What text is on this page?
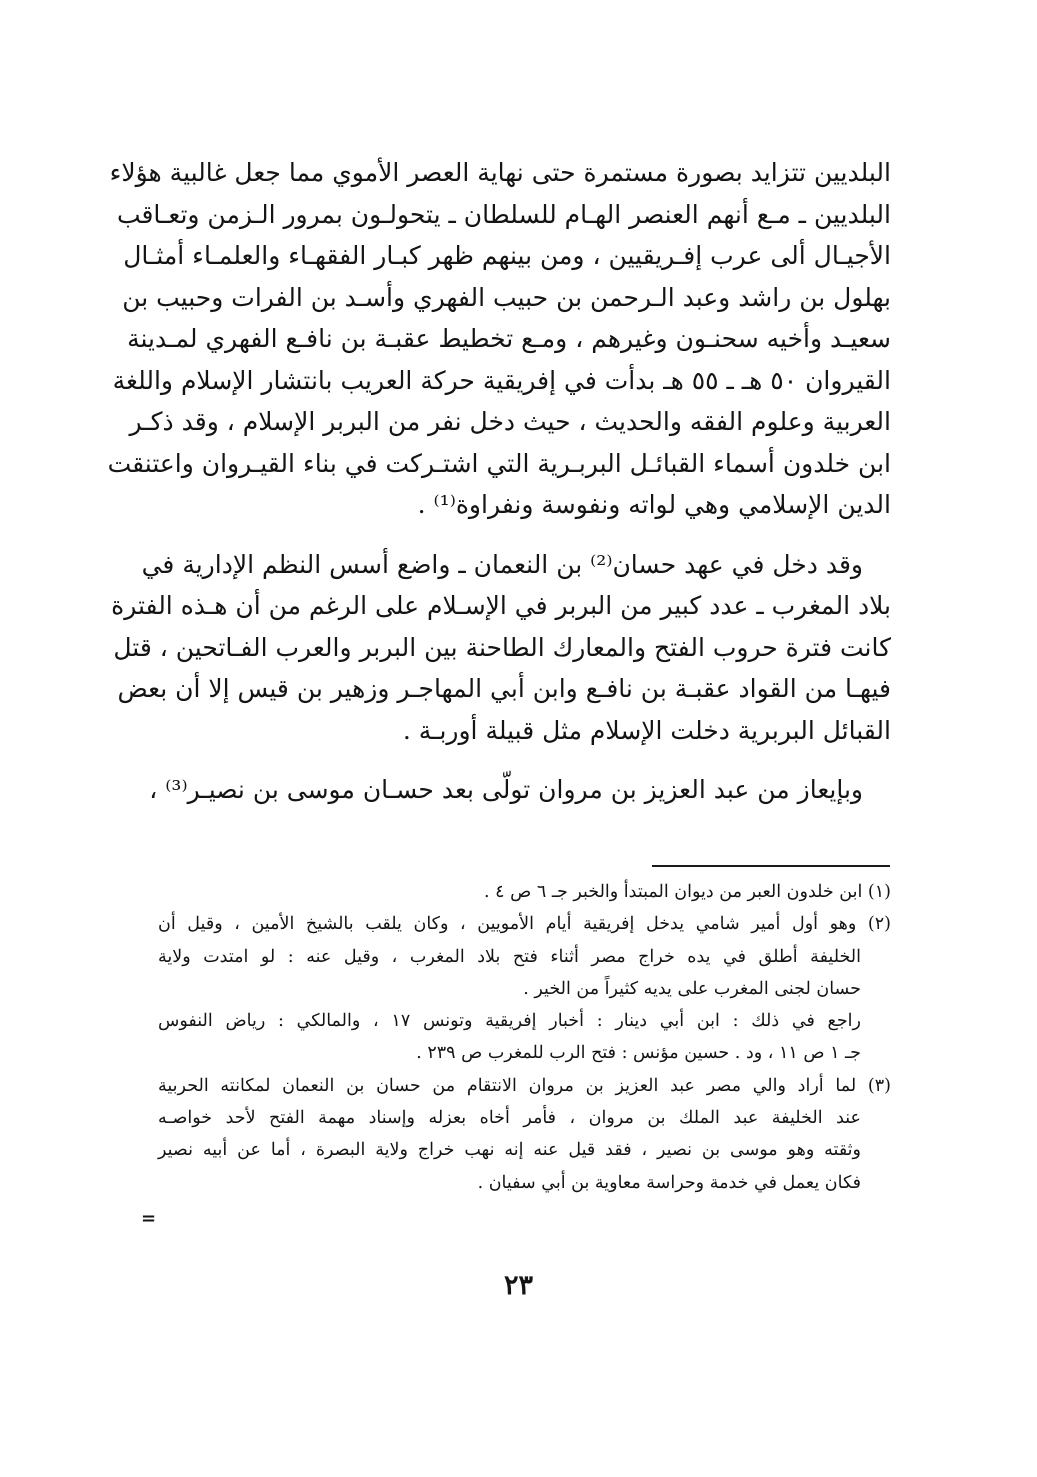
البلديين تتزايد بصورة مستمرة حتى نهاية العصر الأموي مما جعل غالبية هؤلاء
البلديين ـ مـع أنهم العنصر الهـام للسلطان ـ يتحولـون بمرور الـزمن وتعـاقب
الأجيـال ألى عرب إفـريقيين ، ومن بينهم ظهر كبـار الفقهـاء والعلمـاء أمثـال
بهلول بن راشد وعبد الـرحمن بن حبيب الفهري وأسـد بن الفرات وحبيب بن
سعيـد وأخيه سحنـون وغيرهم ، ومـع تخطيط عقبـة بن نافـع الفهري لمـدينة
القيروان ٥٠ هـ ـ ٥٥ هـ بدأت في إفريقية حركة العريب بانتشار الإسلام واللغة
العربية وعلوم الفقه والحديث ، حيث دخل نفر من البربر الإسلام ، وقد ذكـر
ابن خلدون أسماء القبائـل البربـرية التي اشتـركت في بناء القيـروان واعتنقت
الدين الإسلامي وهي لواته ونفوسة ونفراوة⁽¹⁾ .
وقد دخل في عهد حسان⁽²⁾ بن النعمان ـ واضع أسس النظم الإدارية في
بلاد المغرب ـ عدد كبير من البربر في الإسـلام على الرغم من أن هـذه الفترة
كانت فترة حروب الفتح والمعارك الطاحنة بين البربر والعرب الفـاتحين ، قتل
فيهـا من القواد عقبـة بن نافـع وابن أبي المهاجـر وزهير بن قيس إلا أن بعض
القبائل البربرية دخلت الإسلام مثل قبيلة أوربـة .
وبإيعاز من عبد العزيز بن مروان تولّى بعد حسـان موسى بن نصيـر⁽³⁾ ،
(١) ابن خلدون العبر من ديوان المبتدأ والخبر جـ ٦ ص ٤ .
(٢) وهو أول أمير شامي يدخل إفريقية أيام الأمويين ، وكان يلقب بالشيخ الأمين ، وقيل أن
الخليفة أطلق في يده خراج مصر أثناء فتح بلاد المغرب ، وقيل عنه : لو امتدت ولاية
حسان لجنى المغرب على يديه كثيراً من الخير .
راجع في ذلك : ابن أبي دينار : أخبار إفريقية وتونس ١٧ ، والمالكي : رياض النفوس
جـ ١ ص ١١ ، ود . حسين مؤنس : فتح الرب للمغرب ص ٢٣٩ .
(٣) لما أراد والي مصر عبد العزيز بن مروان الانتقام من حسان بن النعمان لمكانته الحربية
عند الخليفة عبد الملك بن مروان ، فأمر أخاه بعزله وإسناد مهمة الفتح لأحد خواصـه
وثقته وهو موسى بن نصير ، فقد قيل عنه إنه نهب خراج ولاية البصرة ، أما عن أبيه نصير
فكان يعمل في خدمة وحراسة معاوية بن أبي سفيان .
=
٢٣
